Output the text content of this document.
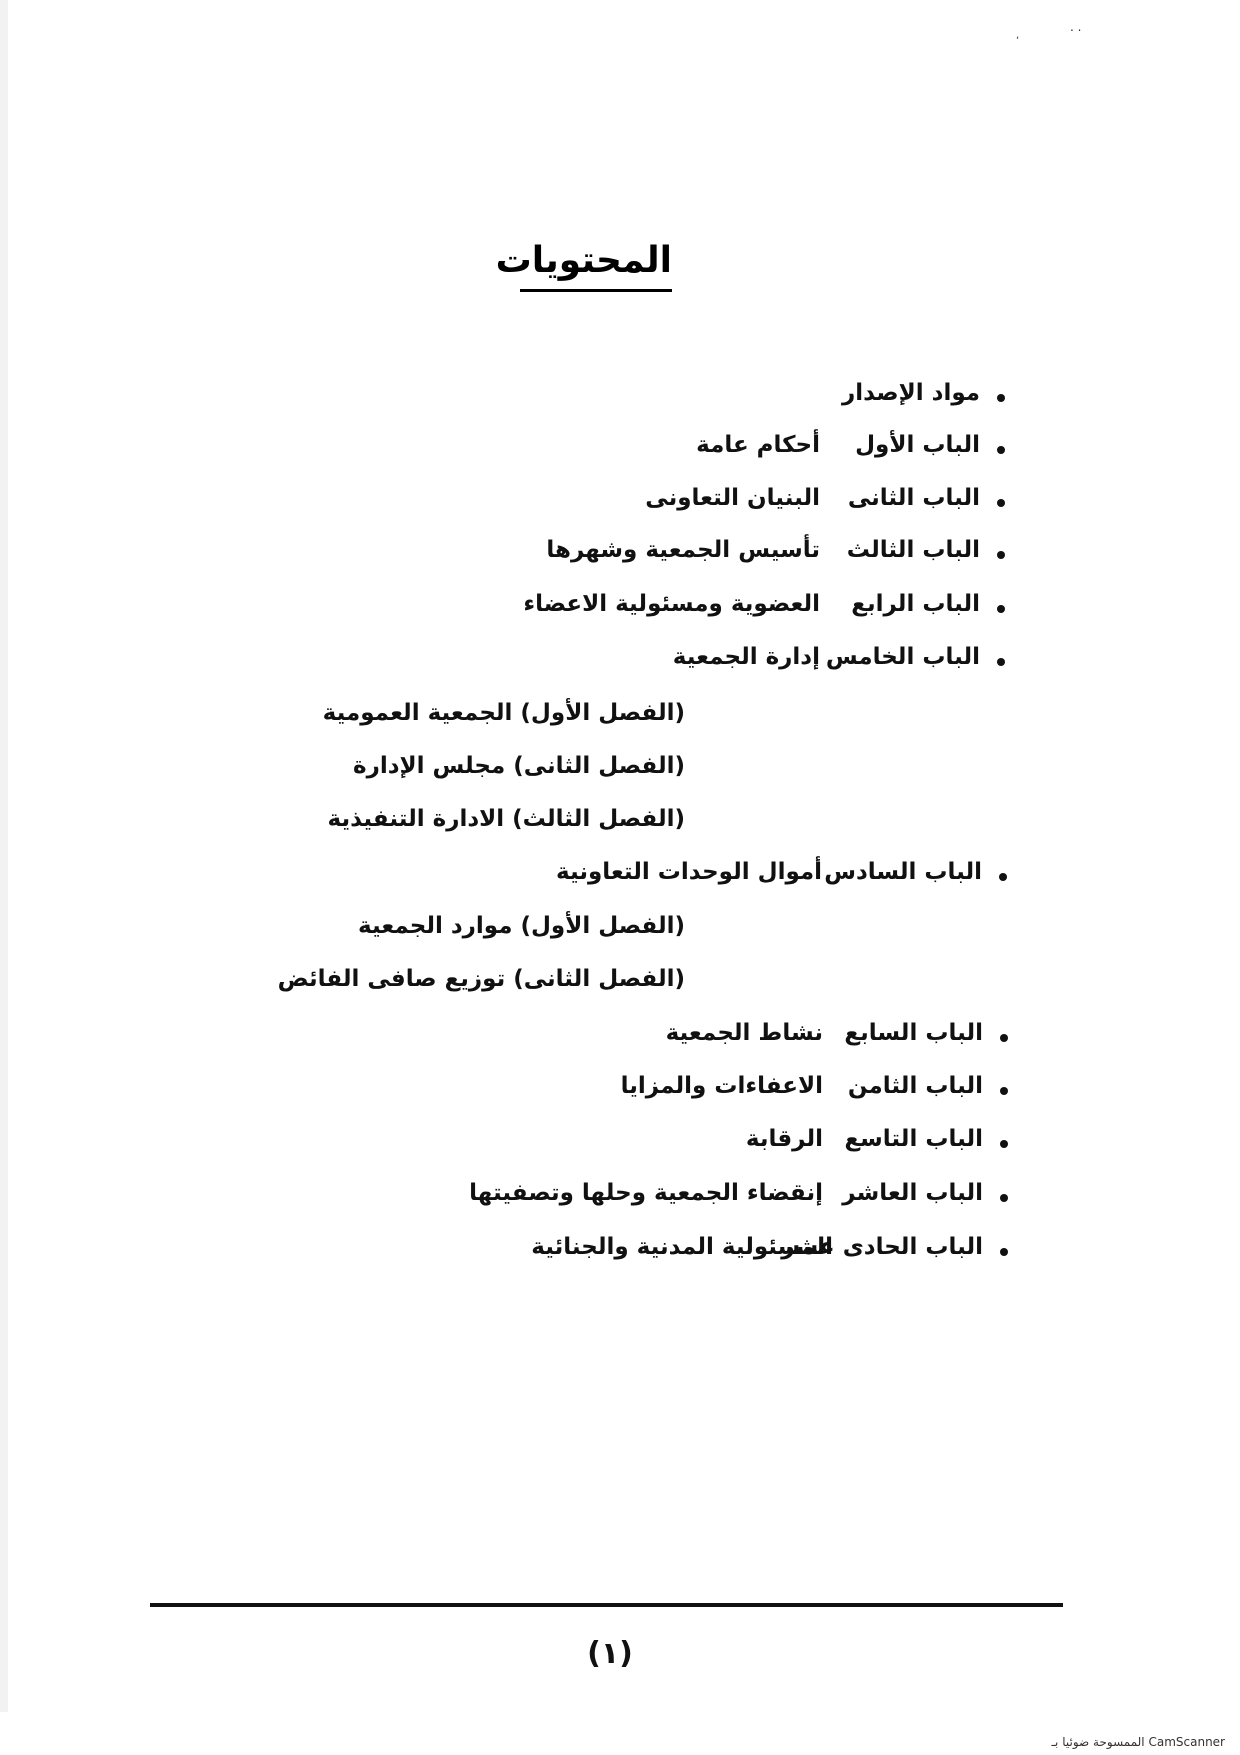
. .
,
المحتويات
مواد الإصدار
الباب الأول
أحكام عامة
الباب الثانى
البنيان التعاونى
الباب الثالث
تأسيس الجمعية وشهرها
الباب الرابع
العضوية ومسئولية الاعضاء
الباب الخامس
إدارة الجمعية
(الفصل الأول) الجمعية العمومية
(الفصل الثانى) مجلس الإدارة
(الفصل الثالث) الادارة التنفيذية
الباب السادس
أموال الوحدات التعاونية
(الفصل الأول) موارد الجمعية
(الفصل الثانى) توزيع صافى الفائض
الباب السابع
نشاط الجمعية
الباب الثامن
الاعفاءات والمزايا
الباب التاسع
الرقابة
الباب العاشر
إنقضاء الجمعية وحلها وتصفيتها
الباب الحادى عشر
المسئولية المدنية والجنائية
(١)
الممسوحة ضوئيا بـ CamScanner
